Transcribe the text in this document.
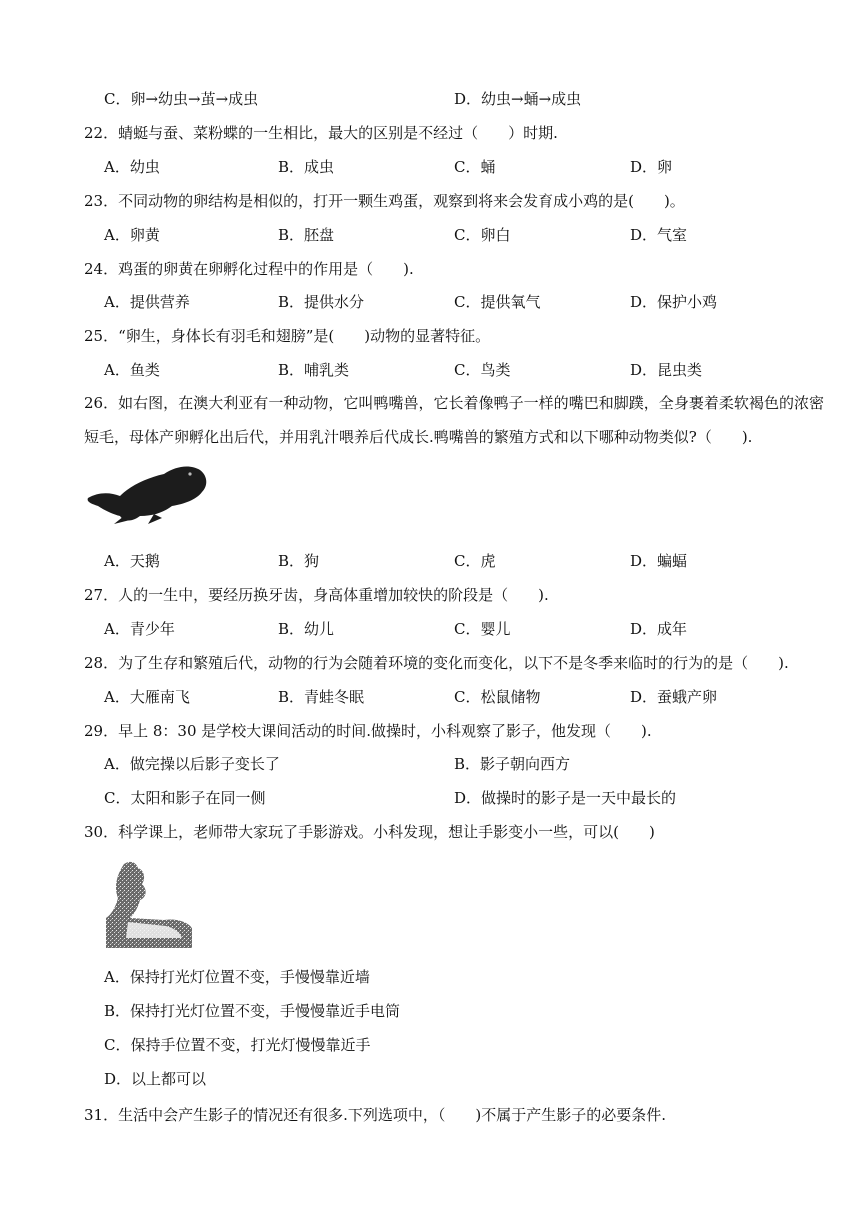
C．卵→幼虫→茧→成虫	D．幼虫→蛹→成虫
22．蜻蜓与蚕、菜粉蝶的一生相比，最大的区别是不经过（　　）时期.
A．幼虫	B．成虫	C．蛹	D．卵
23．不同动物的卵结构是相似的，打开一颗生鸡蛋，观察到将来会发育成小鸡的是(　　)。
A．卵黄	B．胚盘	C．卵白	D．气室
24．鸡蛋的卵黄在卵孵化过程中的作用是（　　).
A．提供营养	B．提供水分	C．提供氧气	D．保护小鸡
25．“卵生，身体长有羽毛和翅膀”是(　　)动物的显著特征。
A．鱼类	B．哺乳类	C．鸟类	D．昆虫类
26．如右图，在澳大利亚有一种动物，它叫鸭嘴兽，它长着像鸭子一样的嘴巴和脚蹼，全身裹着柔软褐色的浓密短毛，母体产卵孵化出后代，并用乳汁喂养后代成长.鸭嘴兽的繁殖方式和以下哪种动物类似?（　　).
A．天鹅	B．狗	C．虎	D．蝙蝠
27．人的一生中，要经历换牙齿，身高体重增加较快的阶段是（　　).
A．青少年	B．幼儿	C．婴儿	D．成年
28．为了生存和繁殖后代，动物的行为会随着环境的变化而变化，以下不是冬季来临时的行为的是（　　).
A．大雁南飞	B．青蛙冬眠	C．松鼠储物	D．蚕蛾产卵
29．早上 8：30 是学校大课间活动的时间.做操时，小科观察了影子，他发现（　　).
A．做完操以后影子变长了	B．影子朝向西方
C．太阳和影子在同一侧	D．做操时的影子是一天中最长的
30．科学课上，老师带大家玩了手影游戏。小科发现，想让手影变小一些，可以(　　)
A．保持打光灯位置不变，手慢慢靠近墙
B．保持打光灯位置不变，手慢慢靠近手电筒
C．保持手位置不变，打光灯慢慢靠近手
D．以上都可以
31．生活中会产生影子的情况还有很多.下列选项中，（　　)不属于产生影子的必要条件.
